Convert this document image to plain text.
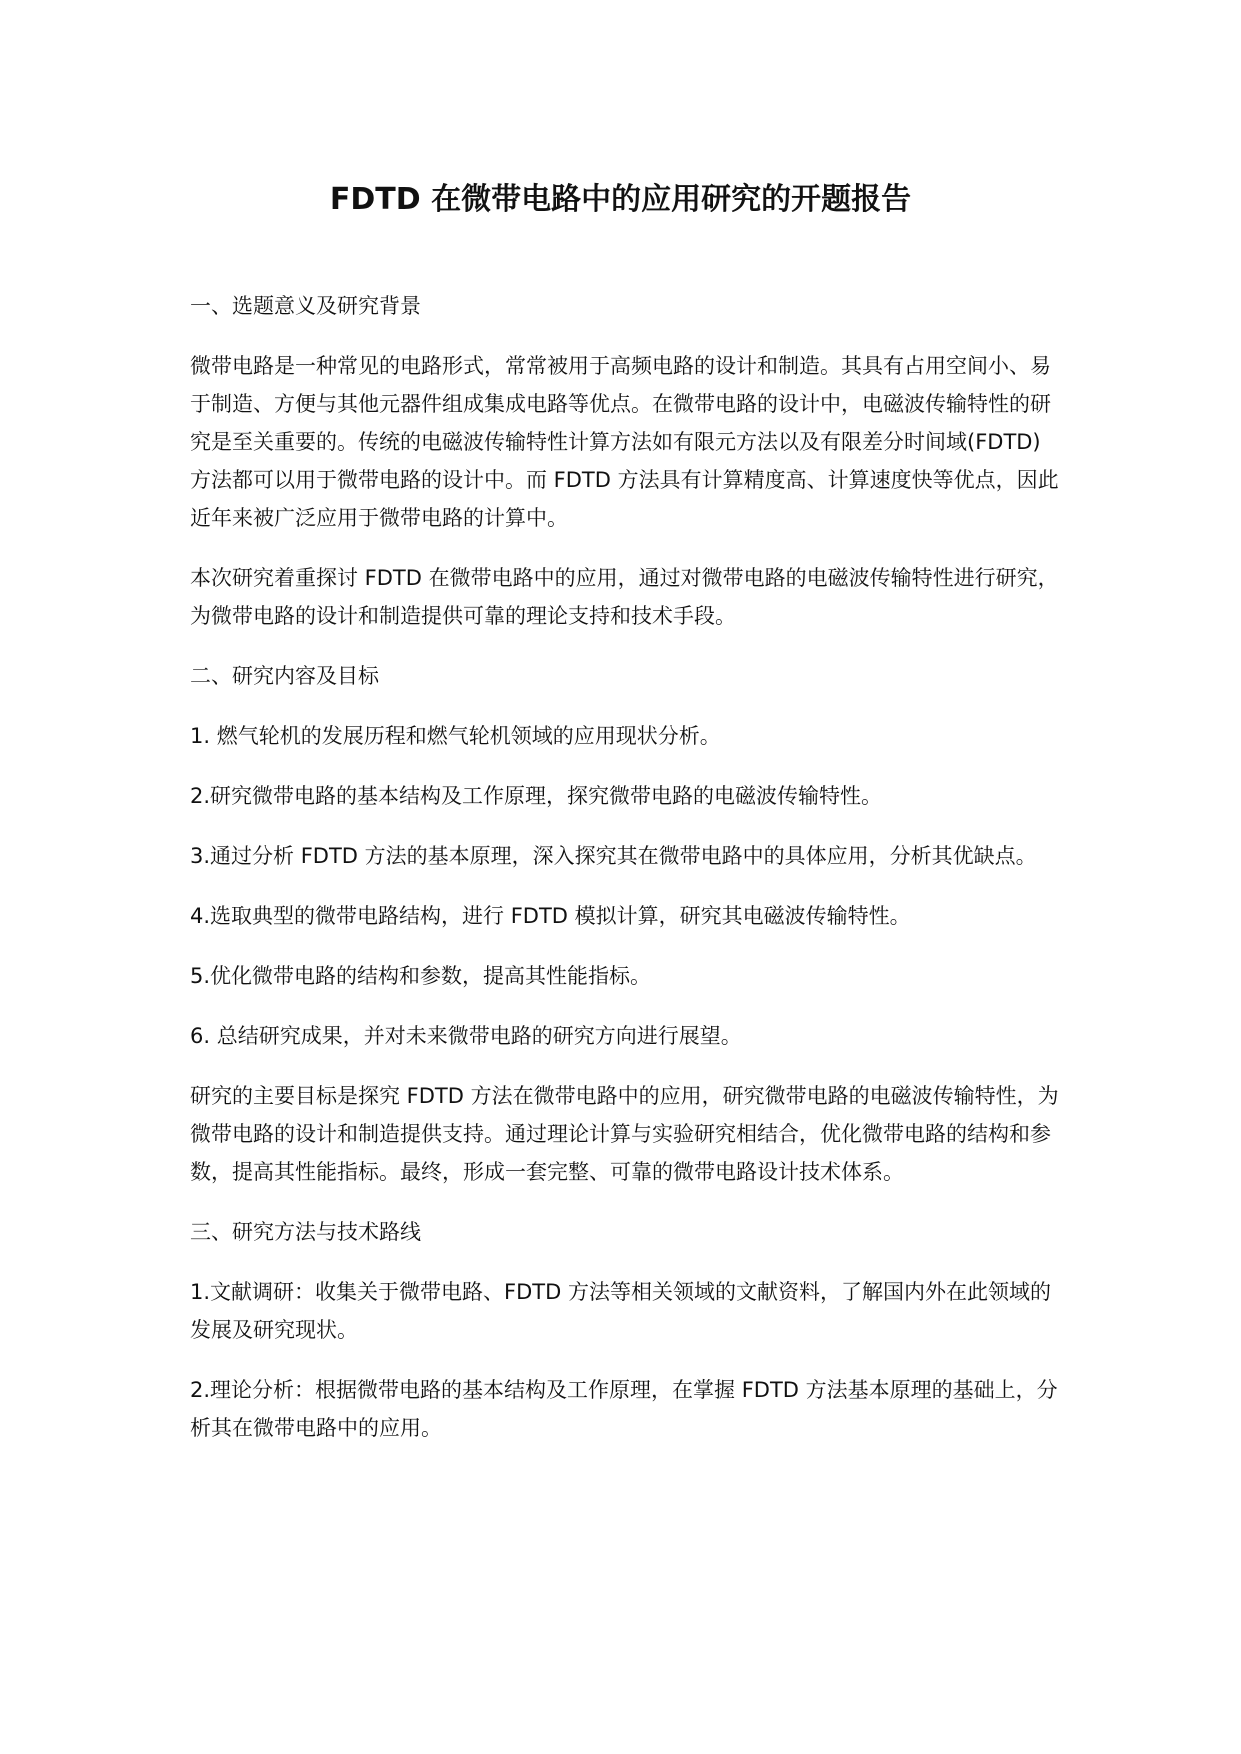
FDTD 在微带电路中的应用研究的开题报告
一、选题意义及研究背景

微带电路是一种常见的电路形式，常常被用于高频电路的设计和制造。其具有占用空间小、易于制造、方便与其他元器件组成集成电路等优点。在微带电路的设计中，电磁波传输特性的研究是至关重要的。传统的电磁波传输特性计算方法如有限元方法以及有限差分时间域(FDTD)方法都可以用于微带电路的设计中。而 FDTD 方法具有计算精度高、计算速度快等优点，因此近年来被广泛应用于微带电路的计算中。

本次研究着重探讨 FDTD 在微带电路中的应用，通过对微带电路的电磁波传输特性进行研究，为微带电路的设计和制造提供可靠的理论支持和技术手段。

二、研究内容及目标

1. 燃气轮机的发展历程和燃气轮机领域的应用现状分析。

2.研究微带电路的基本结构及工作原理，探究微带电路的电磁波传输特性。

3.通过分析 FDTD 方法的基本原理，深入探究其在微带电路中的具体应用，分析其优缺点。

4.选取典型的微带电路结构，进行 FDTD 模拟计算，研究其电磁波传输特性。

5.优化微带电路的结构和参数，提高其性能指标。

6. 总结研究成果，并对未来微带电路的研究方向进行展望。

研究的主要目标是探究 FDTD 方法在微带电路中的应用，研究微带电路的电磁波传输特性，为微带电路的设计和制造提供支持。通过理论计算与实验研究相结合，优化微带电路的结构和参数，提高其性能指标。最终，形成一套完整、可靠的微带电路设计技术体系。

三、研究方法与技术路线

1.文献调研：收集关于微带电路、FDTD 方法等相关领域的文献资料，了解国内外在此领域的发展及研究现状。

2.理论分析：根据微带电路的基本结构及工作原理，在掌握 FDTD 方法基本原理的基础上，分析其在微带电路中的应用。
